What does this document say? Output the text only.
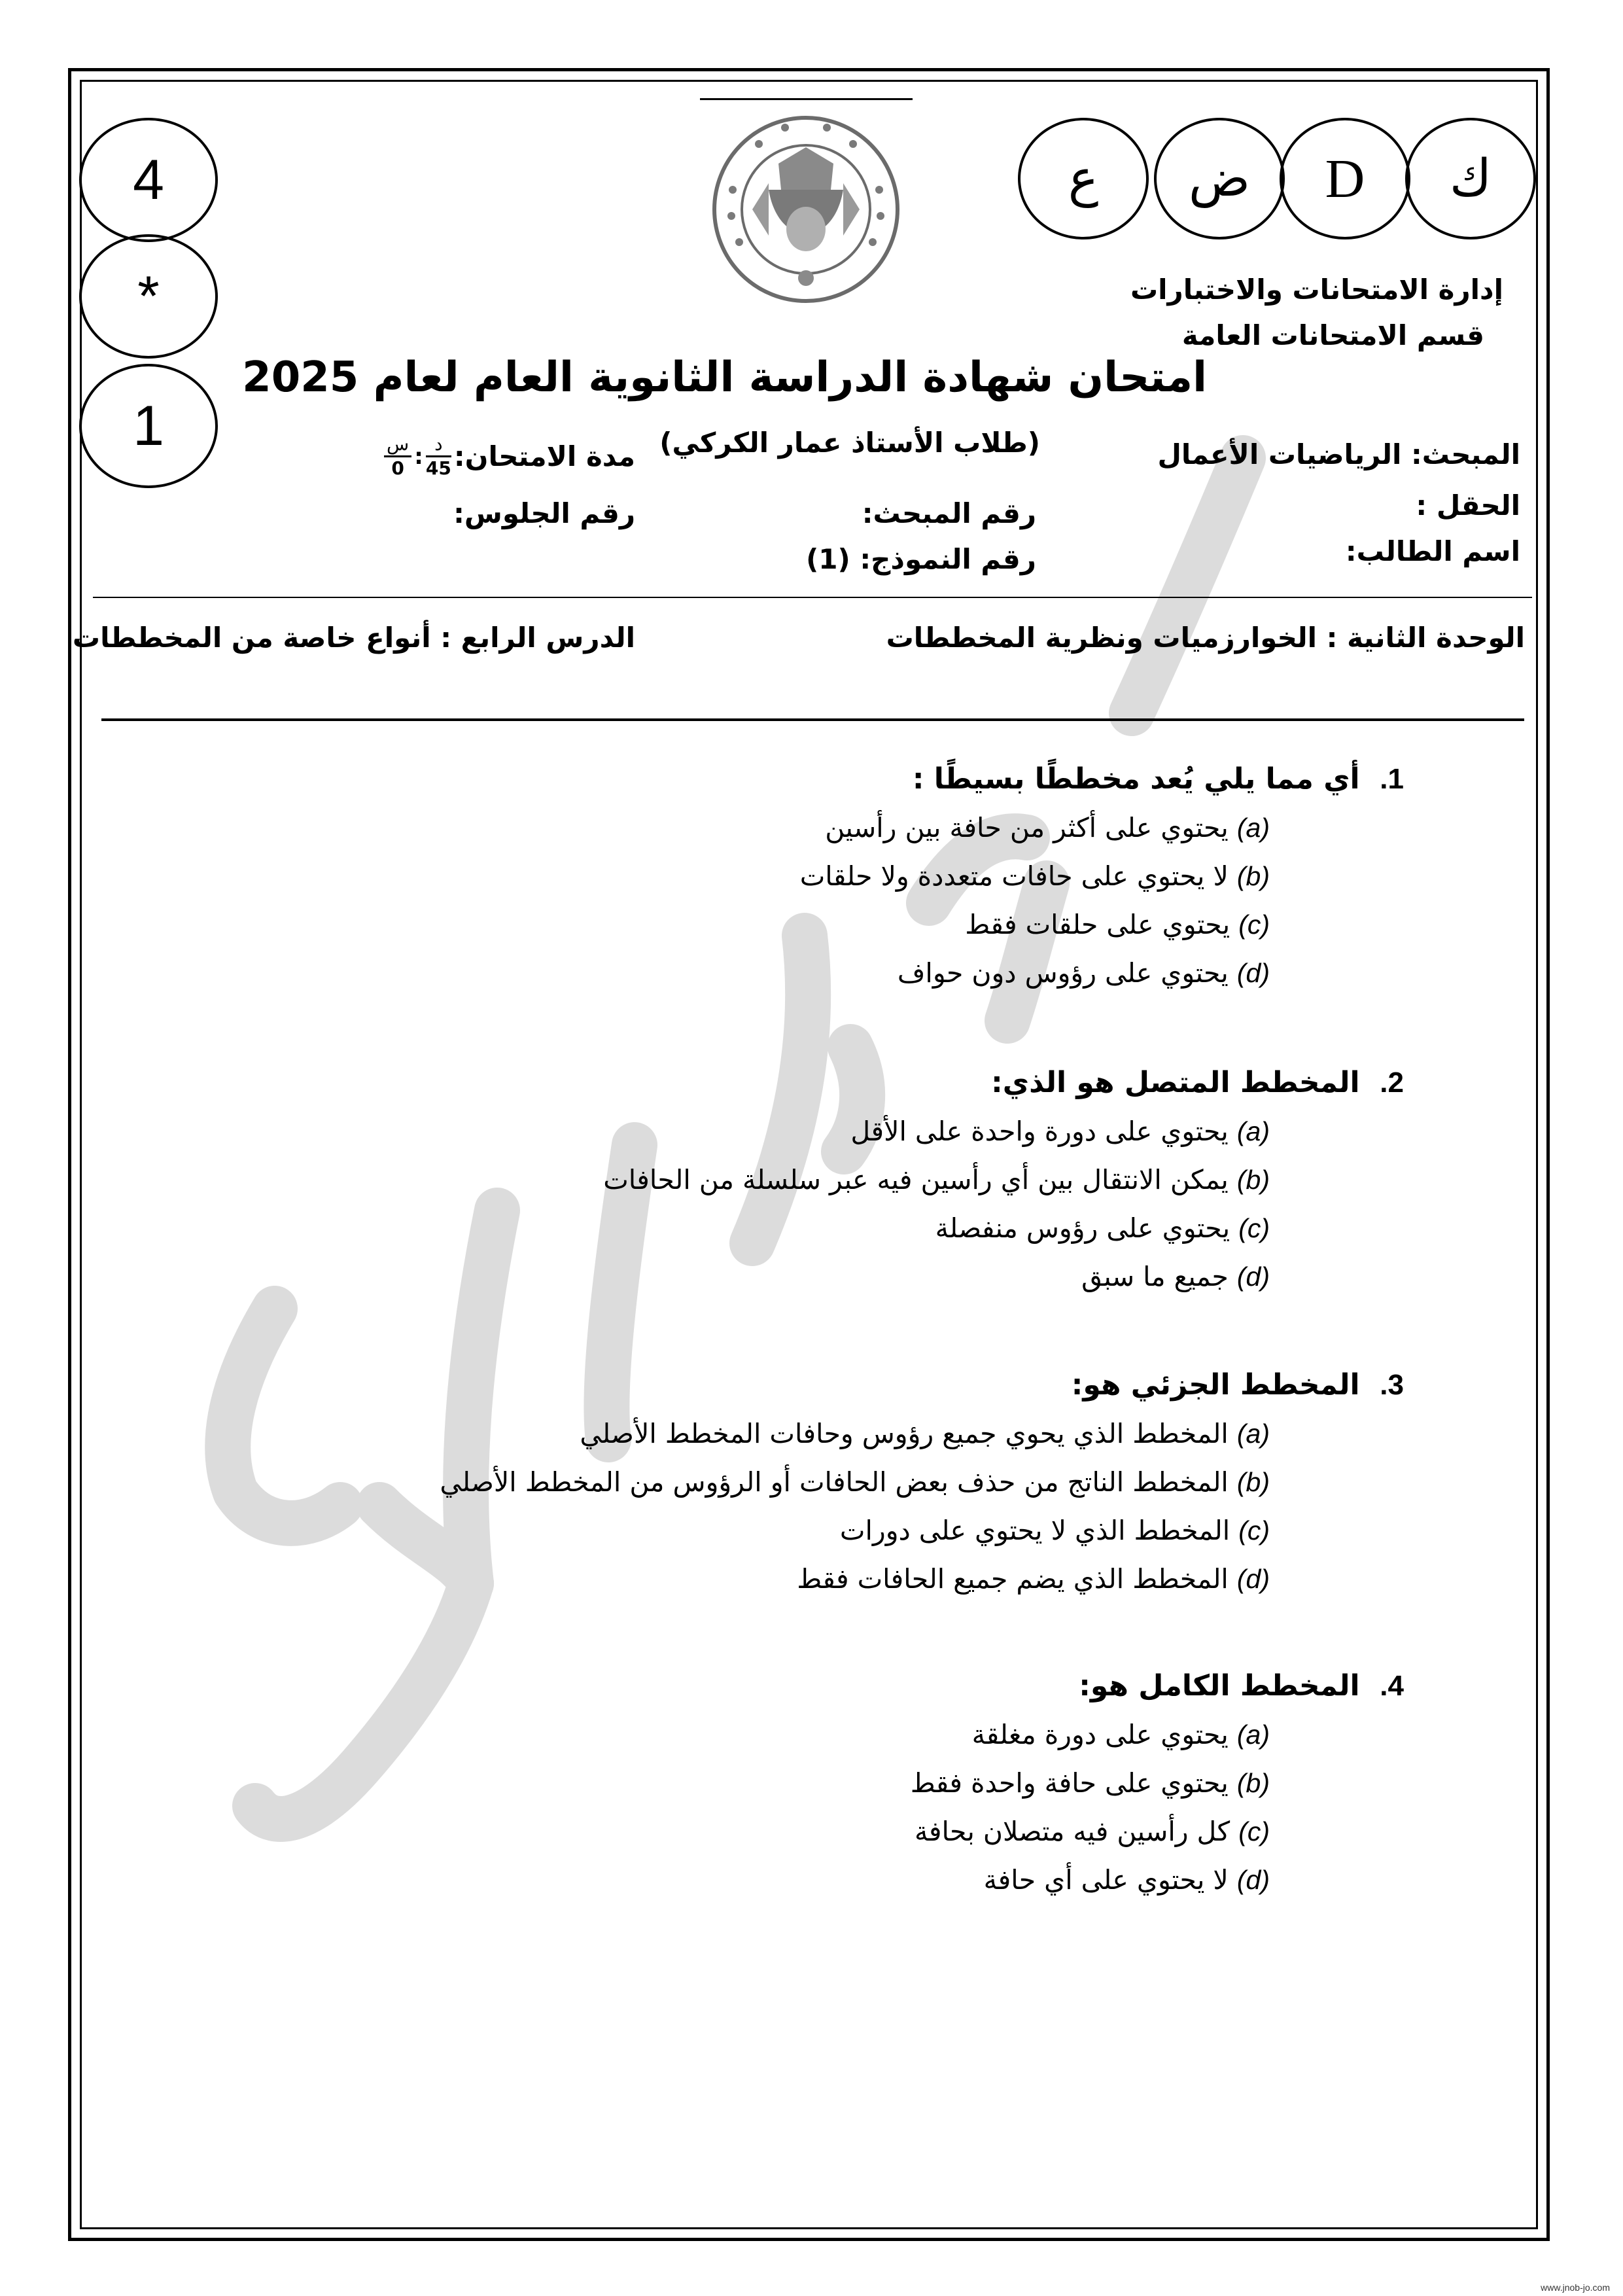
4
*
1
ك
D
ض
ع
إدارة الامتحانات والاختبارات
قسم الامتحانات العامة
امتحان شهادة الدراسة الثانوية العام لعام 2025
(طلاب الأستاذ عمار الكركي)	المبحث: الرياضيات الأعمال
الحقل :
اسم الطالب:
رقم المبحث:
رقم النموذج: (1)
مدة الامتحان:
$\frac{\text{د}}{45}$
:
$\frac{\text{س}}{0}$
رقم الجلوس:
الوحدة الثانية : الخوارزميات ونظرية المخططات
الدرس الرابع : أنواع خاصة من المخططات
1.  أي مما يلي يُعد مخططًا بسيطًا :
(a) يحتوي على أكثر من حافة بين رأسين
(b) لا يحتوي على حافات متعددة ولا حلقات
(c) يحتوي على حلقات فقط
(d) يحتوي على رؤوس دون حواف
2.  المخطط المتصل هو الذي:
(a) يحتوي على دورة واحدة على الأقل
(b) يمكن الانتقال بين أي رأسين فيه عبر سلسلة من الحافات
(c) يحتوي على رؤوس منفصلة
(d) جميع ما سبق
3.  المخطط الجزئي هو:
(a) المخطط الذي يحوي جميع رؤوس وحافات المخطط الأصلي
(b) المخطط الناتج من حذف بعض الحافات أو الرؤوس من المخطط الأصلي
(c) المخطط الذي لا يحتوي على دورات
(d) المخطط الذي يضم جميع الحافات فقط
4.  المخطط الكامل هو:
(a) يحتوي على دورة مغلقة
(b) يحتوي على حافة واحدة فقط
(c) كل رأسين فيه متصلان بحافة
(d) لا يحتوي على أي حافة
www.jnob-jo.com
